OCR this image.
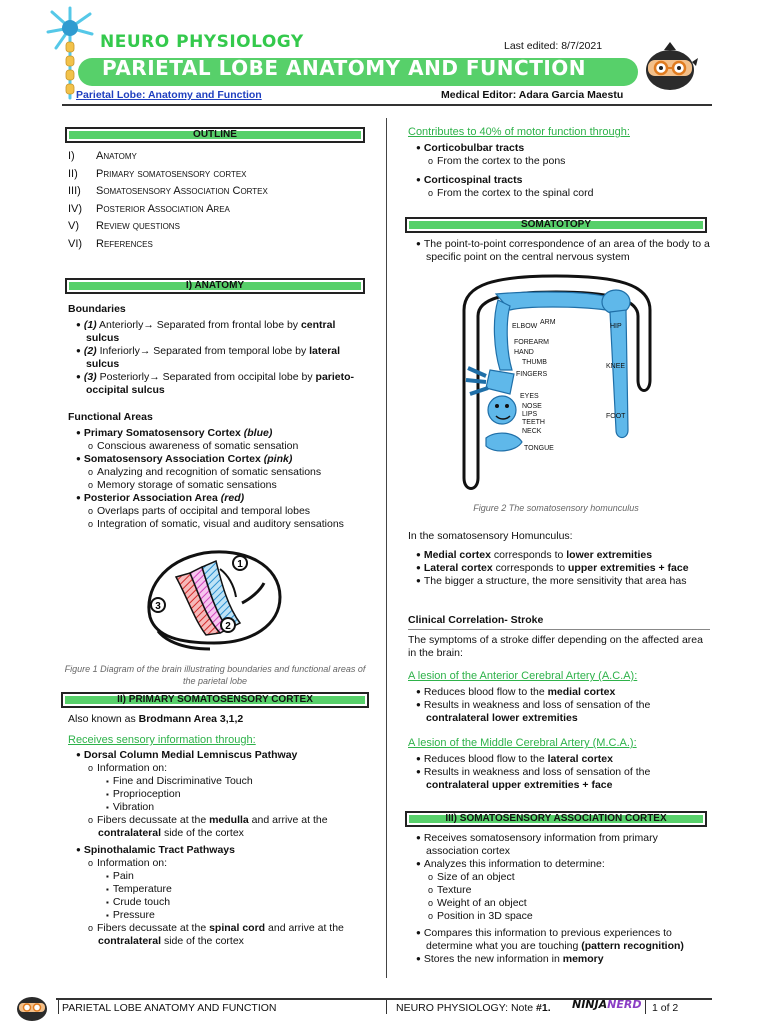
NEURO PHYSIOLOGY	Last edited: 8/7/2021
PARIETAL LOBE ANATOMY AND FUNCTION
Parietal Lobe: Anatomy and Function	Medical Editor: Adara Garcia Maestu
OUTLINE
I) Anatomy
II) Primary somatosensory cortex
III) Somatosensory Association Cortex
IV) Posterior Association Area
V) Review questions
VI) References
I) ANATOMY
Boundaries
● (1) Anteriorly→ Separated from frontal lobe by central sulcus
● (2) Inferiorly→ Separated from temporal lobe by lateral sulcus
● (3) Posteriorly→ Separated from occipital lobe by parieto-occipital sulcus
Functional Areas
● Primary Somatosensory Cortex (blue)
o Conscious awareness of somatic sensation
● Somatosensory Association Cortex (pink)
o Analyzing and recognition of somatic sensations
o Memory storage of somatic sensations
● Posterior Association Area (red)
o Overlaps parts of occipital and temporal lobes
o Integration of somatic, visual and auditory sensations
1
2
3
Figure 1 Diagram of the brain illustrating boundaries and functional areas of the parietal lobe
II) PRIMARY SOMATOSENSORY CORTEX
Also known as Brodmann Area 3,1,2
Receives sensory information through:
● Dorsal Column Medial Lemniscus Pathway
o Information on:
▪ Fine and Discriminative Touch
▪ Proprioception
▪ Vibration
o Fibers decussate at the medulla and arrive at the contralateral side of the cortex
● Spinothalamic Tract Pathways
o Information on:
▪ Pain
▪ Temperature
▪ Crude touch
▪ Pressure
o Fibers decussate at the spinal cord and arrive at the contralateral side of the cortex
Contributes to 40% of motor function through:
● Corticobulbar tracts
o From the cortex to the pons
● Corticospinal tracts
o From the cortex to the spinal cord
SOMATOTOPY
● The point-to-point correspondence of an area of the body to a specific point on the central nervous system
ELBOW
ARM
HIP
FOREARM
HAND
THUMB
FINGERS
KNEE
EYES
NOSE
LIPS
TEETH
NECK
FOOT
TONGUE
Figure 2 The somatosensory homunculus
In the somatosensory Homunculus:
● Medial cortex corresponds to lower extremities
● Lateral cortex corresponds to upper extremities + face
● The bigger a structure, the more sensitivity that area has
Clinical Correlation- Stroke
The symptoms of a stroke differ depending on the affected area in the brain:
A lesion of the Anterior Cerebral Artery (A.C.A):
● Reduces blood flow to the medial cortex
● Results in weakness and loss of sensation of the contralateral lower extremities
A lesion of the Middle Cerebral Artery (M.C.A.):
● Reduces blood flow to the lateral cortex
● Results in weakness and loss of sensation of the contralateral upper extremities + face
III) SOMATOSENSORY ASSOCIATION CORTEX
● Receives somatosensory information from primary association cortex
● Analyzes this information to determine:
o Size of an object
o Texture
o Weight of an object
o Position in 3D space
● Compares this information to previous experiences to determine what you are touching (pattern recognition)
● Stores the new information in memory
PARIETAL LOBE ANATOMY AND FUNCTION	NEURO PHYSIOLOGY: Note #1. NINJANERD 1 of 2
